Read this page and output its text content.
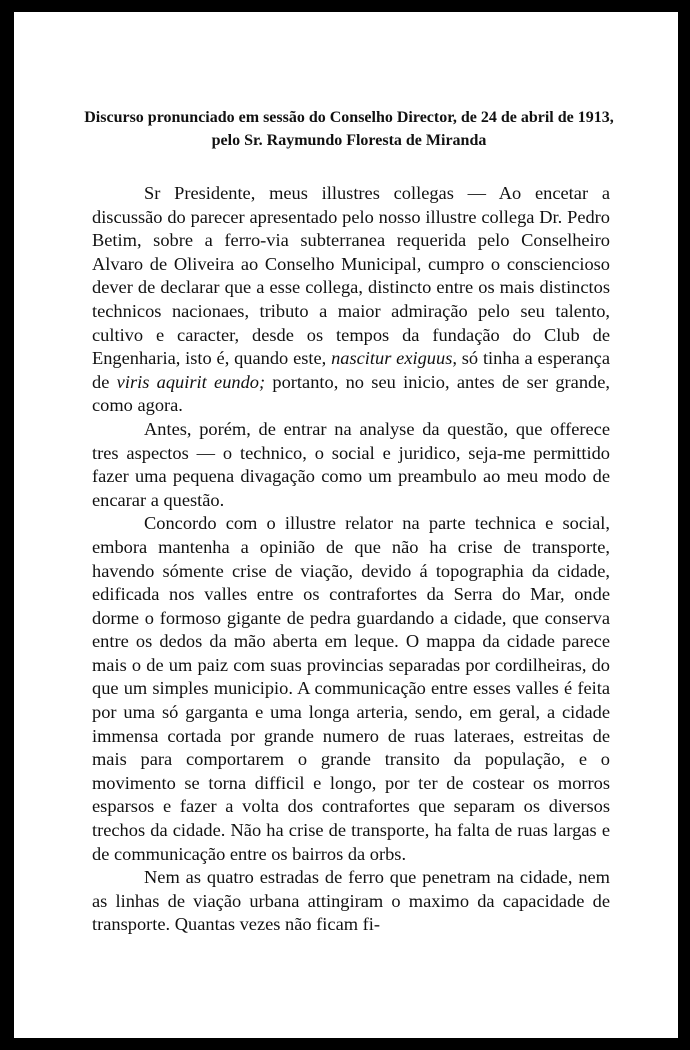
Discurso pronunciado em sessão do Conselho Director, de 24 de abril de 1913, pelo Sr. Raymundo Floresta de Miranda

Sr Presidente, meus illustres collegas — Ao encetar a discussão do parecer apresentado pelo nosso illustre collega Dr. Pedro Betim, sobre a ferro-via subterranea requerida pelo Conselheiro Alvaro de Oliveira ao Conselho Municipal, cumpro o consciencioso dever de declarar que a esse collega, distincto entre os mais distinctos technicos nacionaes, tributo a maior admiração pelo seu talento, cultivo e caracter, desde os tempos da fundação do Club de Engenharia, isto é, quando este, nascitur exiguus, só tinha a esperança de viris aquirit eundo; portanto, no seu inicio, antes de ser grande, como agora.

Antes, porém, de entrar na analyse da questão, que offerece tres aspectos — o technico, o social e juridico, seja-me permittido fazer uma pequena divagação como um preambulo ao meu modo de encarar a questão.

Concordo com o illustre relator na parte technica e social, embora mantenha a opinião de que não ha crise de transporte, havendo sómente crise de viação, devido á topographia da cidade, edificada nos valles entre os contrafortes da Serra do Mar, onde dorme o formoso gigante de pedra guardando a cidade, que conserva entre os dedos da mão aberta em leque. O mappa da cidade parece mais o de um paiz com suas provincias separadas por cordilheiras, do que um simples municipio. A communicação entre esses valles é feita por uma só garganta e uma longa arteria, sendo, em geral, a cidade immensa cortada por grande numero de ruas lateraes, estreitas de mais para comportarem o grande transito da população, e o movimento se torna difficil e longo, por ter de costear os morros esparsos e fazer a volta dos contrafortes que separam os diversos trechos da cidade. Não ha crise de transporte, ha falta de ruas largas e de communicação entre os bairros da orbs.

Nem as quatro estradas de ferro que penetram na cidade, nem as linhas de viação urbana attingiram o maximo da capacidade de transporte. Quantas vezes não ficam fi-
